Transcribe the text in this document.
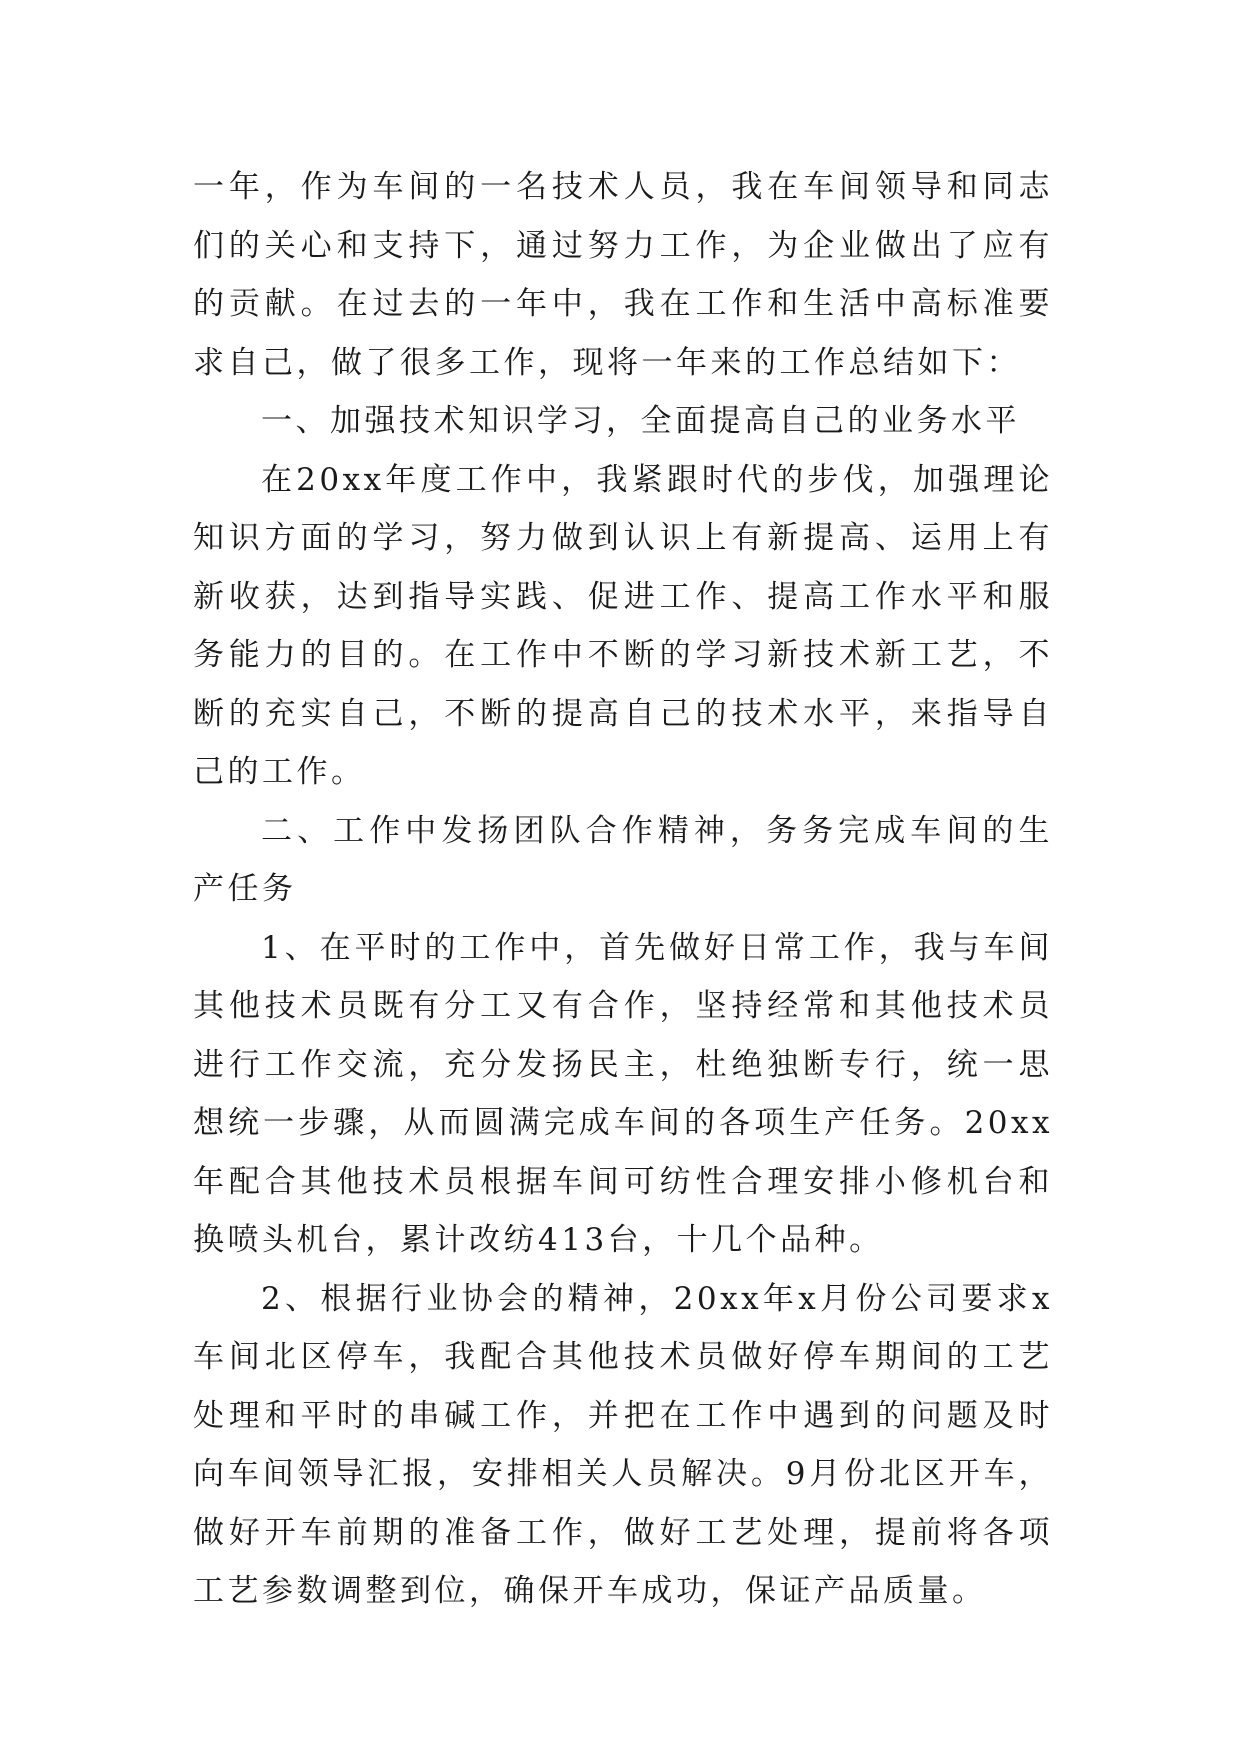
一年，作为车间的一名技术人员，我在车间领导和同志们的关心和支持下，通过努力工作，为企业做出了应有的贡献。在过去的一年中，我在工作和生活中高标准要求自己，做了很多工作，现将一年来的工作总结如下：

一、加强技术知识学习，全面提高自己的业务水平

在20xx年度工作中，我紧跟时代的步伐，加强理论知识方面的学习，努力做到认识上有新提高、运用上有新收获，达到指导实践、促进工作、提高工作水平和服务能力的目的。在工作中不断的学习新技术新工艺，不断的充实自己，不断的提高自己的技术水平，来指导自己的工作。

二、工作中发扬团队合作精神，务务完成车间的生产任务

1、在平时的工作中，首先做好日常工作，我与车间其他技术员既有分工又有合作，坚持经常和其他技术员进行工作交流，充分发扬民主，杜绝独断专行，统一思想统一步骤，从而圆满完成车间的各项生产任务。20xx年配合其他技术员根据车间可纺性合理安排小修机台和换喷头机台，累计改纺413台，十几个品种。

2、根据行业协会的精神，20xx年x月份公司要求x车间北区停车，我配合其他技术员做好停车期间的工艺处理和平时的串碱工作，并把在工作中遇到的问题及时向车间领导汇报，安排相关人员解决。9月份北区开车，做好开车前期的准备工作，做好工艺处理，提前将各项工艺参数调整到位，确保开车成功，保证产品质量。
